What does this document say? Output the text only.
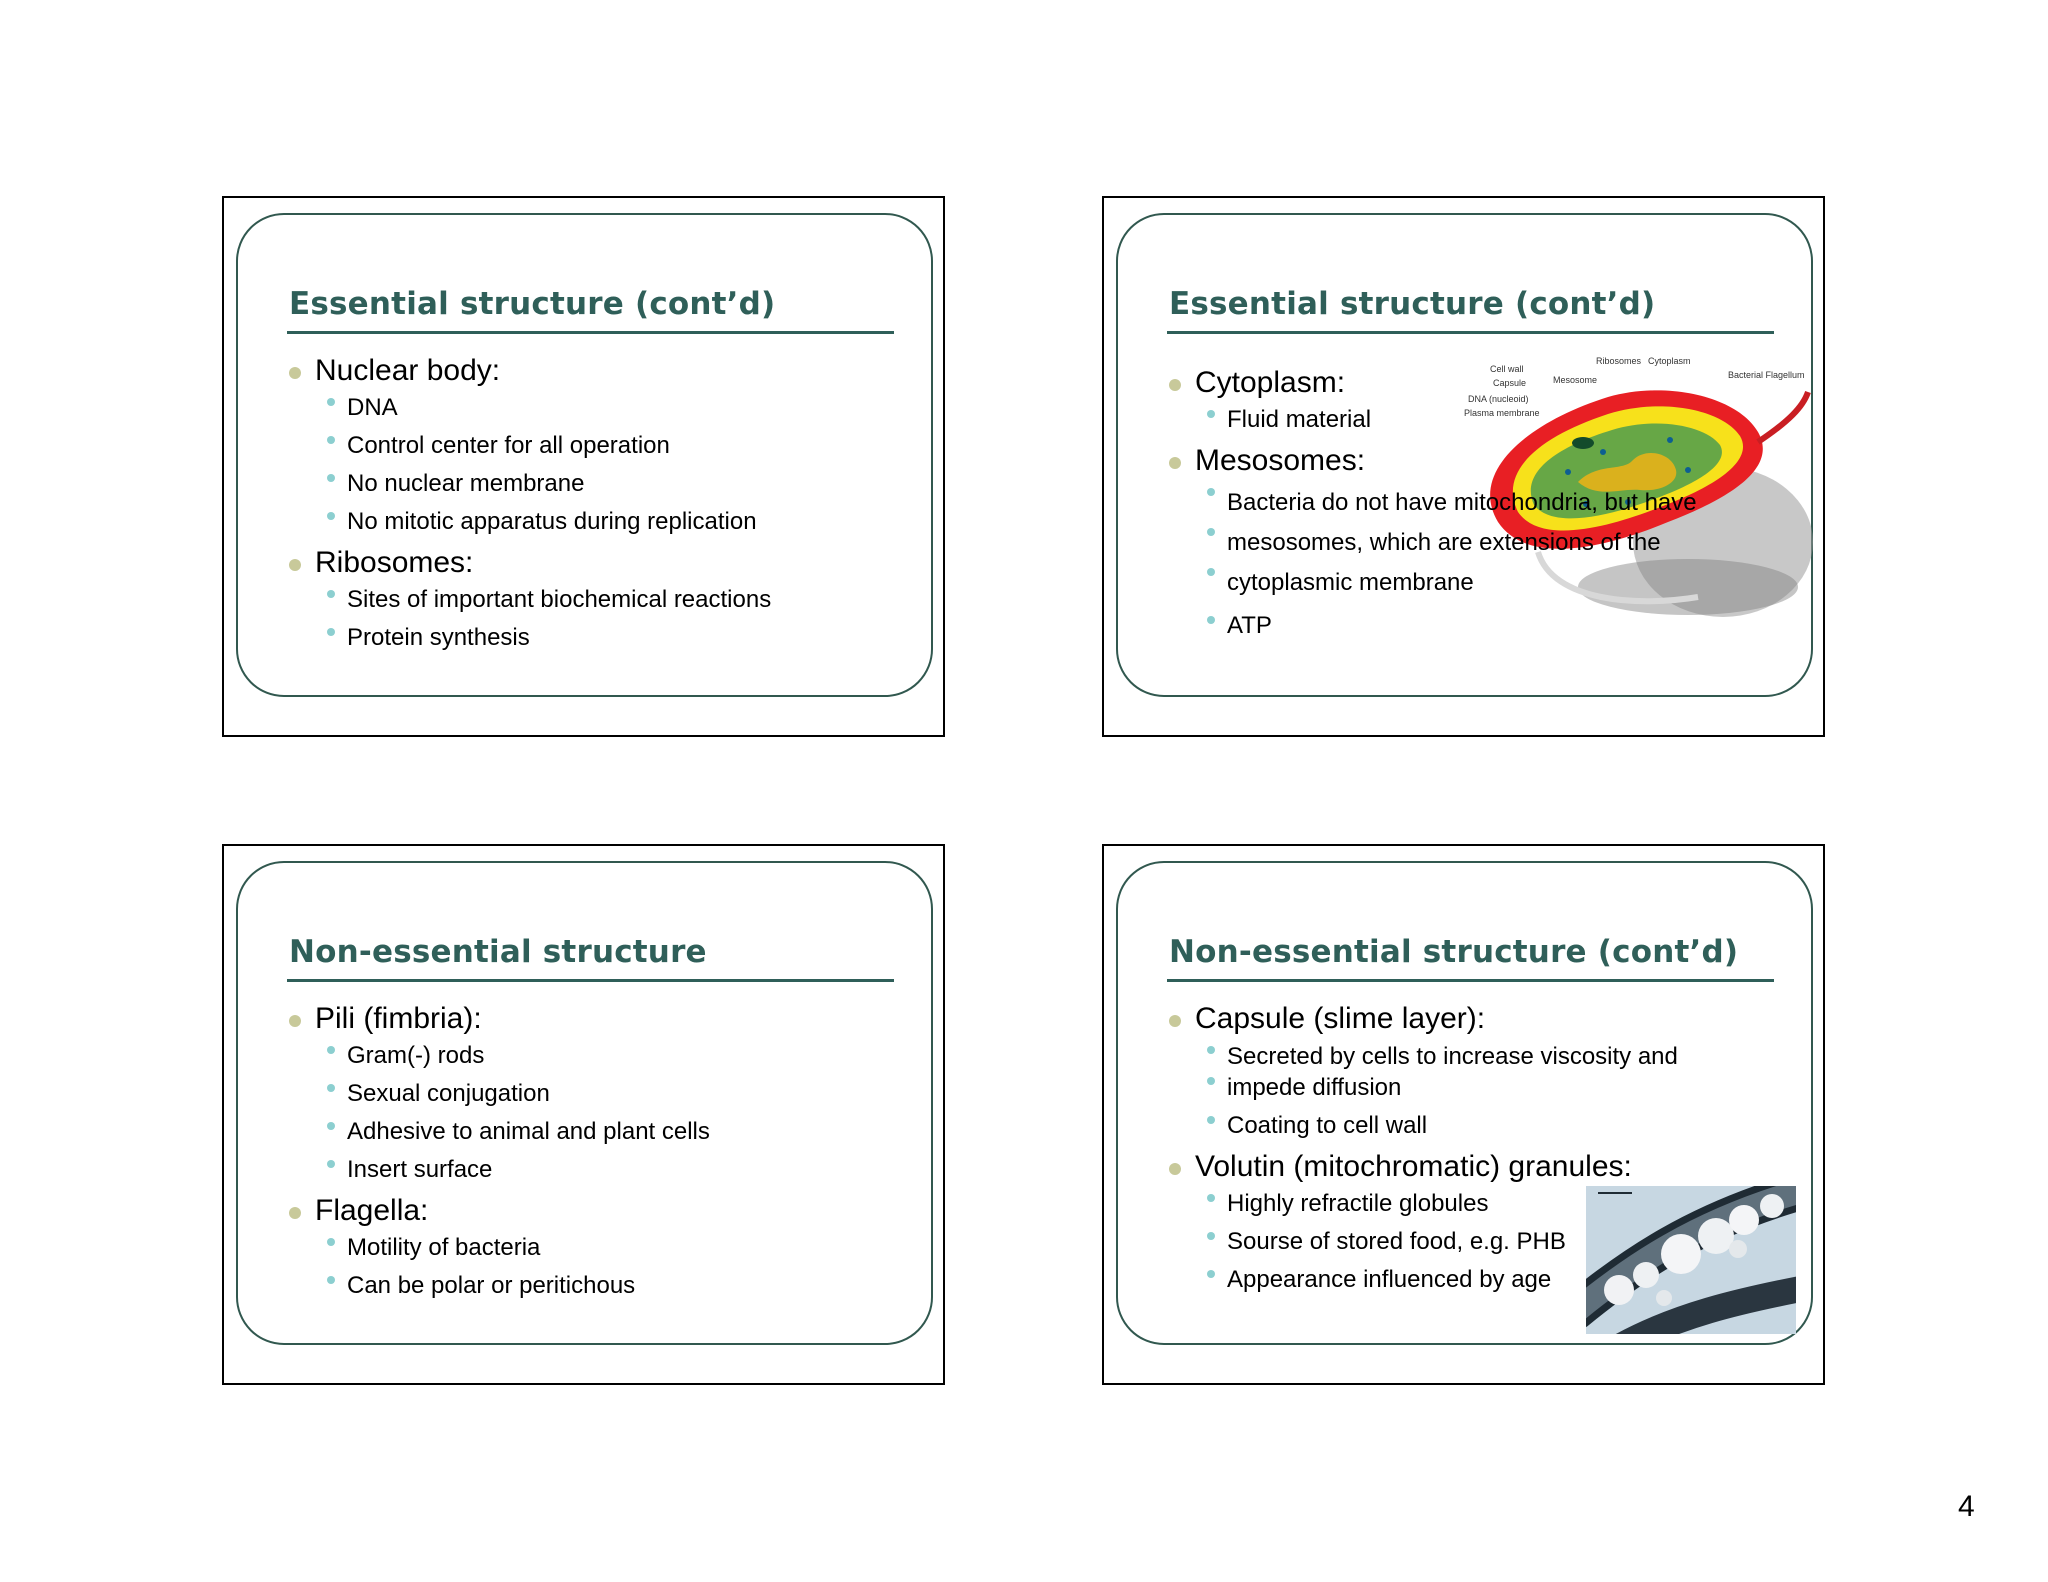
Essential structure (cont’d)
Nuclear body:
DNA
Control center for all operation
No nuclear membrane
No mitotic apparatus during replication
Ribosomes:
Sites of important biochemical reactions
Protein synthesis
Essential structure (cont’d)
Cell wall
Capsule
DNA (nucleoid)
Plasma membrane
Mesosome
Ribosomes Cytoplasm
Bacterial Flagellum
Cytoplasm:
Fluid material
Mesosomes:
Bacteria do not have mitochondria, but have
mesosomes, which are extensions of the
cytoplasmic membrane
ATP
Non-essential structure
Pili (fimbria):
Gram(-) rods
Sexual conjugation
Adhesive to animal and plant cells
Insert surface
Flagella:
Motility of bacteria
Can be polar or peritichous
Non-essential structure (cont’d)
Capsule (slime layer):
Secreted by cells to increase viscosity and
impede diffusion
Coating to cell wall
Volutin (mitochromatic) granules:
Highly refractile globules
Sourse of stored food, e.g. PHB
Appearance influenced by age
4
